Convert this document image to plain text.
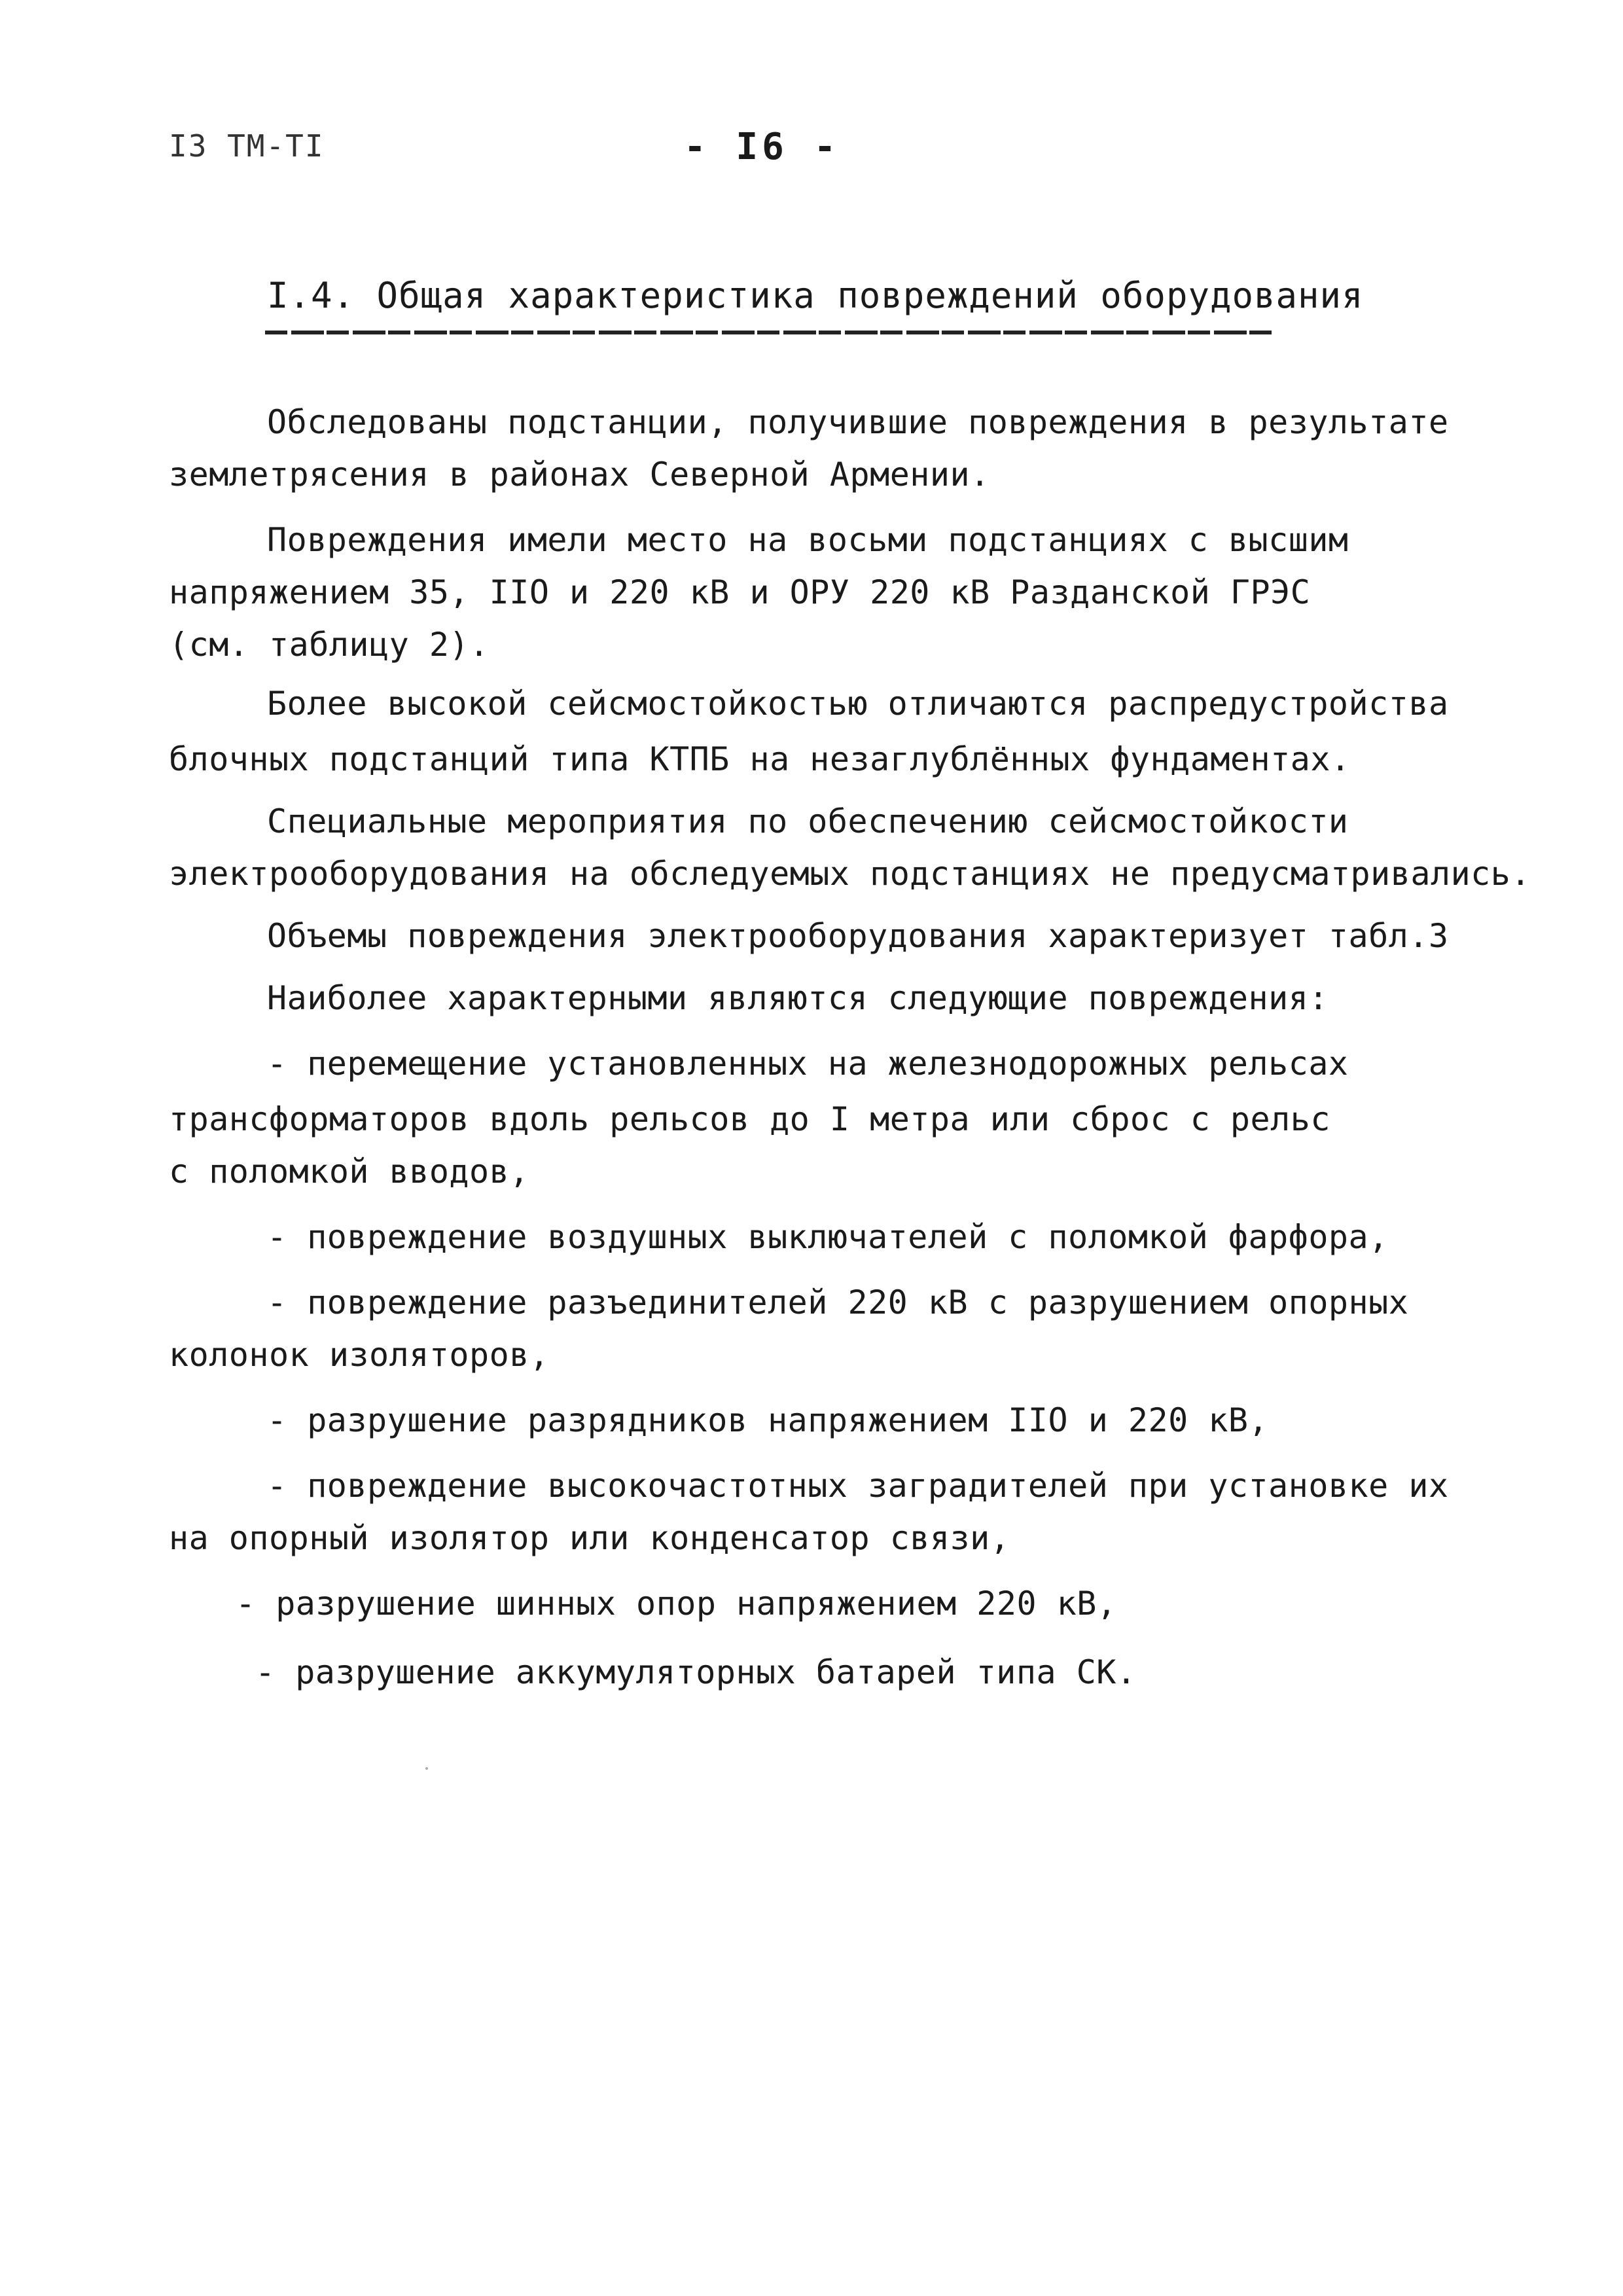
I3 ТМ-ТI	- I6 -
I.4. Общая характеристика повреждений оборудования
Обследованы подстанции, получившие повреждения в результате
землетрясения в районах Северной Армении.
Повреждения имели место на восьми подстанциях с высшим
напряжением 35, IIО и 220 кВ и ОРУ 220 кВ Разданской ГРЭС
(см. таблицу 2).
Более высокой сейсмостойкостью отличаются распредустройства
блочных подстанций типа КТПБ на незаглублённых фундаментах.
Специальные мероприятия по обеспечению сейсмостойкости
электрооборудования на обследуемых подстанциях не предусматривались.
Объемы повреждения электрооборудования характеризует табл.3
Наиболее характерными являются следующие повреждения:
- перемещение установленных на железнодорожных рельсах
трансформаторов вдоль рельсов до I метра или сброс с рельс
с поломкой вводов,
- повреждение воздушных выключателей с поломкой фарфора,
- повреждение разъединителей 220 кВ с разрушением опорных
колонок изоляторов,
- разрушение разрядников напряжением IIО и 220 кВ,
- повреждение высокочастотных заградителей при установке их
на опорный изолятор или конденсатор связи,
- разрушение шинных опор напряжением 220 кВ,
- разрушение аккумуляторных батарей типа СК.
